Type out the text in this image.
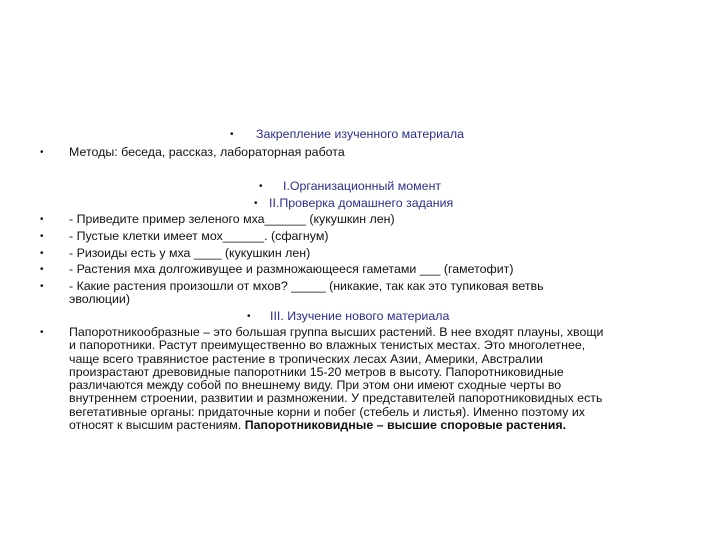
• Закрепление изученного материала
• Методы: беседа, рассказ, лабораторная работа
• I.Организационный момент
• II.Проверка домашнего задания
• - Приведите пример зеленого мха______ (кукушкин лен)
• - Пустые клетки имеет мох______. (сфагнум)
• - Ризоиды есть у мха ____ (кукушкин лен)
• - Растения мха долгоживущее и размножающееся гаметами ___ (гаметофит)
• - Какие растения произошли от мхов? _____ (никакие, так как это тупиковая ветвь
эволюции)
• III. Изучение нового материала
• Папоротникообразные – это большая группа высших растений. В нее входят плауны, хвощи
и папоротники. Растут преимущественно во влажных тенистых местах. Это многолетнее,
чаще всего травянистое растение в тропических лесах Азии, Америки, Австралии
произрастают древовидные папоротники 15-20 метров в высоту. Папоротниковидные
различаются между собой по внешнему виду. При этом они имеют сходные черты во
внутреннем строении, развитии и размножении. У представителей папоротниковидных есть
вегетативные органы: придаточные корни и побег (стебель и листья). Именно поэтому их
относят к высшим растениям. Папоротниковидные – высшие споровые растения.
